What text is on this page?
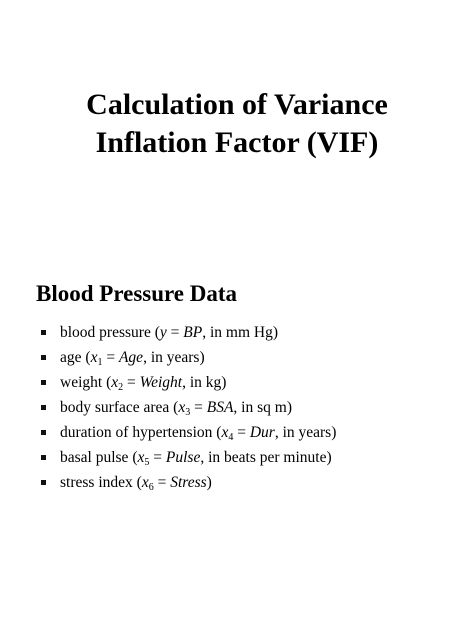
Calculation of Variance
Inflation Factor (VIF)
Blood Pressure Data
blood pressure (y = BP, in mm Hg)
age ($x_1$ = Age, in years)
weight ($x_2$ = Weight, in kg)
body surface area ($x_3$ = BSA, in sq m)
duration of hypertension ($x_4$ = Dur, in years)
basal pulse ($x_5$ = Pulse, in beats per minute)
stress index ($x_6$ = Stress)
